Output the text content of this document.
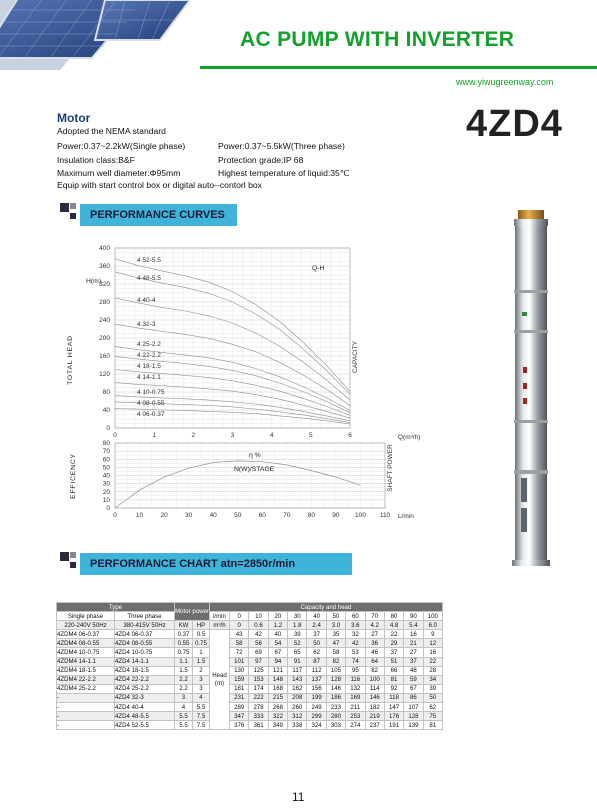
AC PUMP WITH INVERTER
www.yiwugreenway.com
4ZD4
Motor
Adopted the NEMA standard
Power:0.37~2.2kW(Single phase)	Power:0.37~5.5kW(Three phase)
Insulation class:B&F	Protection grade:IP 68
Maximum well diameter:Φ95mm	Highest temperature of liquid:35℃
Equip with start control box or digital auto--contorl box
PERFORMANCE CURVES
0
40
80
120
160
200
240
280
320
360
400
0	1	2	3	4	5	6
H(m)
TOTAL HEAD	CAPACITY
Q(m³/h)
Q-H
4 52-5.5
4 48-5.5
4 40-4
4 32-3
4 25-2.2
4 22-2.2
4 18-1.5
4 14-1.1
4 10-0.75
4 08-0.55
4 06-0.37
0
10
20
30
40
50
60
70
80
0	10	20	30	40	50	60	70	80	90 100 110
EFFICENCY	SHAFT POWER
L/min
η %
N(W)/STAGE
PERFORMANCE CHART atn=2850r/min
Type		Motor power		Capacity and head											
Single phase	Three phase			l/min	0	10	20	30	40	50	60	70	80	90	100
220-240V 50Hz	380-415V 50Hz	KW	HP	m³/h	0	0.6	1.2	1.8	2.4	3.0	3.6	4.2	4.8	5.4	6.0
4ZDM4 06-0.37	4ZD4 06-0.37	0.37	0.5	Head (m)	43	42	40	39	37	35	32	27	22	16	9
4ZDM4 08-0.55	4ZD4 08-0.55	0.55	0.75		58	56	54	52	50	47	42	36	29	21	12
4ZDM4 10-0.75	4ZD4 10-0.75	0.75	1		72	69	67	65	62	58	53	46	37	27	16
4ZDM4 14-1.1	4ZD4 14-1.1	1.1	1.5		101	97	94	91	87	82	74	64	51	37	22
4ZDM4 18-1.5	4ZD4 18-1.5	1.5	2		130	125	121	117	112	105	95	82	66	48	28
4ZDM4 22-2.2	4ZD4 22-2.2	2.2	3		159	153	148	143	137	128	116	100	81	59	34
4ZDM4 25-2.2	4ZD4 25-2.2	2.2	3		181	174	168	162	156	146	132	114	92	67	39
-	4ZD4 32-3	3	4		231	222	215	208	199	186	169	146	118	86	50
-	4ZD4 40-4	4	5.5		289	278	268	260	249	233	211	182	147	107	62
-	4ZD4 48-5.5	5.5	7.5		347	333	322	312	299	280	253	219	176	128	75
-	4ZD4 52-5.5	5.5	7.5		376	361	349	338	324	303	274	237	191	139	81
11
